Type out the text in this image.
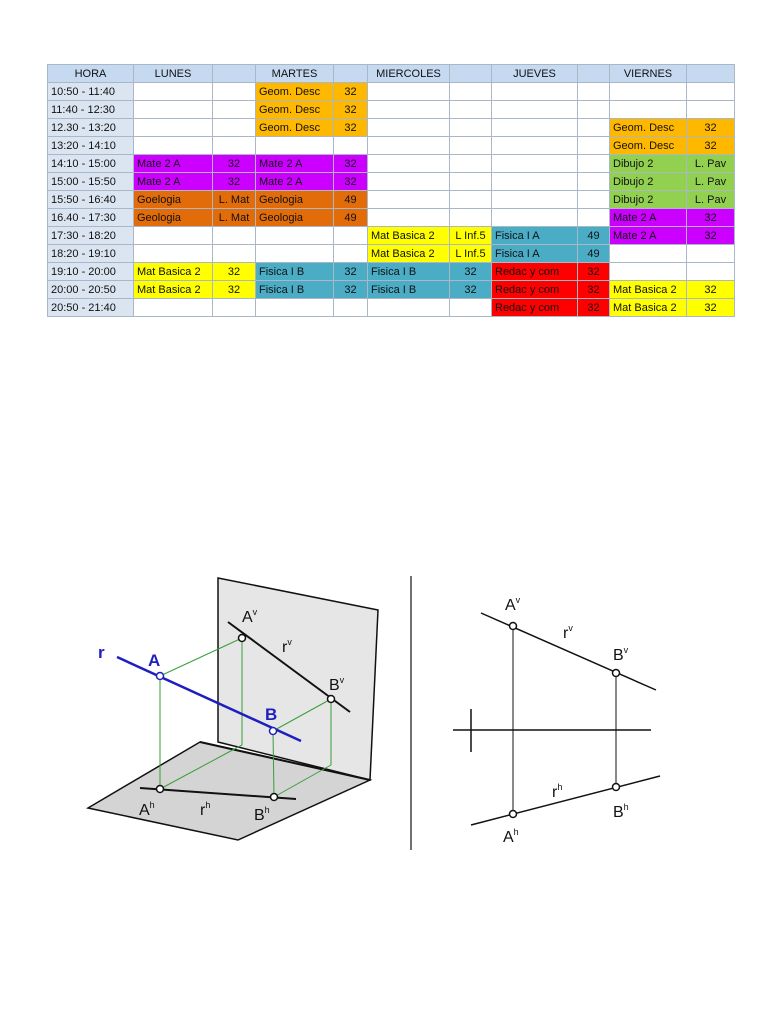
HORA	LUNES		MARTES		MIERCOLES		JUEVES		VIERNES	
10:50 - 11:40			Geom. Desc	32						
11:40 - 12:30			Geom. Desc	32						
12.30 - 13:20			Geom. Desc	32					Geom. Desc	32
13:20 - 14:10									Geom. Desc	32
14:10 - 15:00	Mate 2 A	32	Mate 2 A	32					Dibujo 2	L. Pav
15:00 - 15:50	Mate 2 A	32	Mate 2 A	32					Dibujo 2	L. Pav
15:50 - 16:40	Goelogia	L. Mat	Geologia	49					Dibujo 2	L. Pav
16.40 - 17:30	Geologia	L. Mat	Geologia	49					Mate 2 A	32
17:30 - 18:20					Mat Basica 2	L Inf.5	Fisica I A	49	Mate 2 A	32
18:20 - 19:10					Mat Basica 2	L Inf.5	Fisica I A	49		
19:10 - 20:00	Mat Basica 2	32	Fisica I B	32	Fisica I B	32	Redac y com	32		
20:00 - 20:50	Mat Basica 2	32	Fisica I B	32	Fisica I B	32	Redac y com	32	Mat Basica 2	32
20:50 - 21:40							Redac y com	32	Mat Basica 2	32
r	A
B
$A^v$
$r^v$
$B^v$
$A^h$	$r^h$
$B^h$
$A^v$
$r^v$
$B^v$
$r^h$
$B^h$
$A^h$
